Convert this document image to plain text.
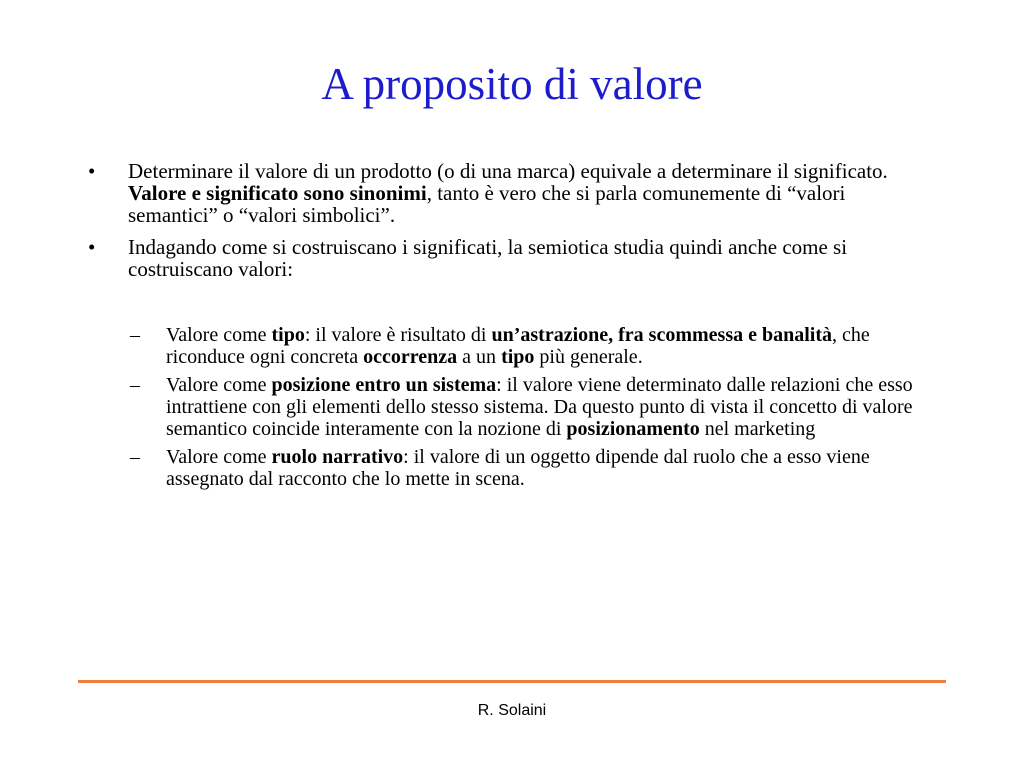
A proposito di valore
•	Determinare il valore di un prodotto (o di una marca) equivale a determinare il significato. Valore e significato sono sinonimi, tanto è vero che si parla comunemente di “valori semantici” o “valori simbolici”.
•	Indagando come si costruiscano i significati, la semiotica studia quindi anche come si costruiscano valori:
–	Valore come tipo: il valore è risultato di un’astrazione, fra scommessa e banalità, che riconduce ogni concreta occorrenza a un tipo più generale.
–	Valore come posizione entro un sistema: il valore viene determinato dalle relazioni che esso intrattiene con gli elementi dello stesso sistema. Da questo punto di vista il concetto di valore semantico coincide interamente con la nozione di posizionamento nel marketing
–	Valore come ruolo narrativo: il valore di un oggetto dipende dal ruolo che a esso viene assegnato dal racconto che lo mette in scena.
R. Solaini
